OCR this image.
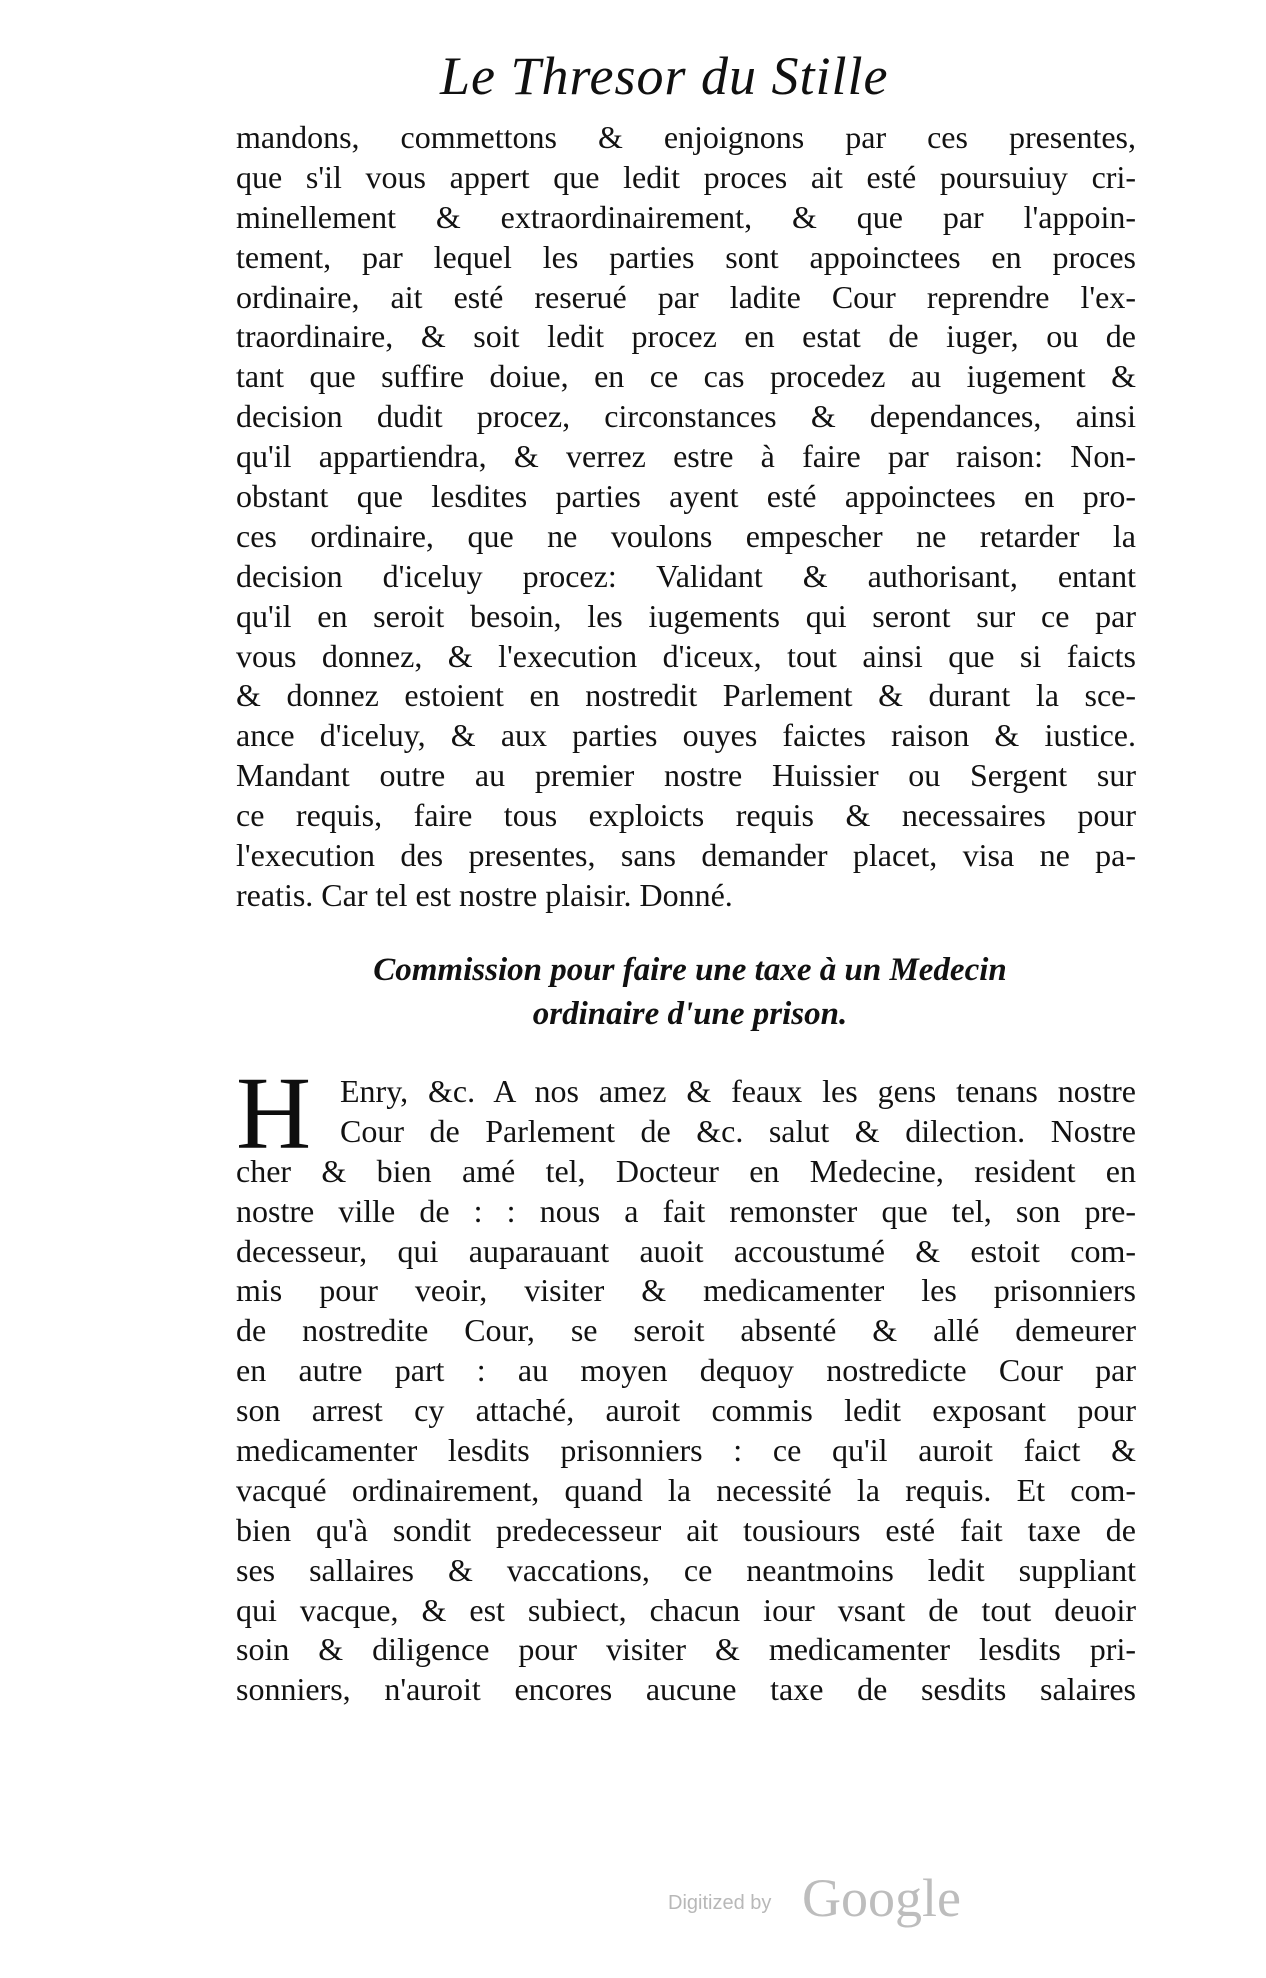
Le Thresor du Stille
mandons, commettons & enjoignons par ces presentes,
que s'il vous appert que ledit proces ait esté poursuiuy cri-
minellement & extraordinairement, & que par l'appoin-
tement, par lequel les parties sont appoinctees en proces
ordinaire, ait esté reserué par ladite Cour reprendre l'ex-
traordinaire, & soit ledit procez en estat de iuger, ou de
tant que suffire doiue, en ce cas procedez au iugement &
decision dudit procez, circonstances & dependances, ainsi
qu'il appartiendra, & verrez estre à faire par raison: Non-
obstant que lesdites parties ayent esté appoinctees en pro-
ces ordinaire, que ne voulons empescher ne retarder la
decision d'iceluy procez: Validant & authorisant, entant
qu'il en seroit besoin, les iugements qui seront sur ce par
vous donnez, & l'execution d'iceux, tout ainsi que si faicts
& donnez estoient en nostredit Parlement & durant la sce-
ance d'iceluy, & aux parties ouyes faictes raison & iustice.
Mandant outre au premier nostre Huissier ou Sergent sur
ce requis, faire tous exploicts requis & necessaires pour
l'execution des presentes, sans demander placet, visa ne pa-
reatis. Car tel est nostre plaisir. Donné.
Commission pour faire une taxe à un Medecin
ordinaire d'une prison.
H Enry, &c. A nos amez & feaux les gens tenans nostre
Cour de Parlement de &c. salut & dilection. Nostre
cher & bien amé tel, Docteur en Medecine, resident en
nostre ville de : : nous a fait remonster que tel, son pre-
decesseur, qui auparauant auoit accoustumé & estoit com-
mis pour veoir, visiter & medicamenter les prisonniers
de nostredite Cour, se seroit absenté & allé demeurer
en autre part : au moyen dequoy nostredicte Cour par
son arrest cy attaché, auroit commis ledit exposant pour
medicamenter lesdits prisonniers : ce qu'il auroit faict &
vacqué ordinairement, quand la necessité la requis. Et com-
bien qu'à sondit predecesseur ait tousiours esté fait taxe de
ses sallaires & vaccations, ce neantmoins ledit suppliant
qui vacque, & est subiect, chacun iour vsant de tout deuoir
soin & diligence pour visiter & medicamenter lesdits pri-
sonniers, n'auroit encores aucune taxe de sesdits salaires
Digitized by Google
